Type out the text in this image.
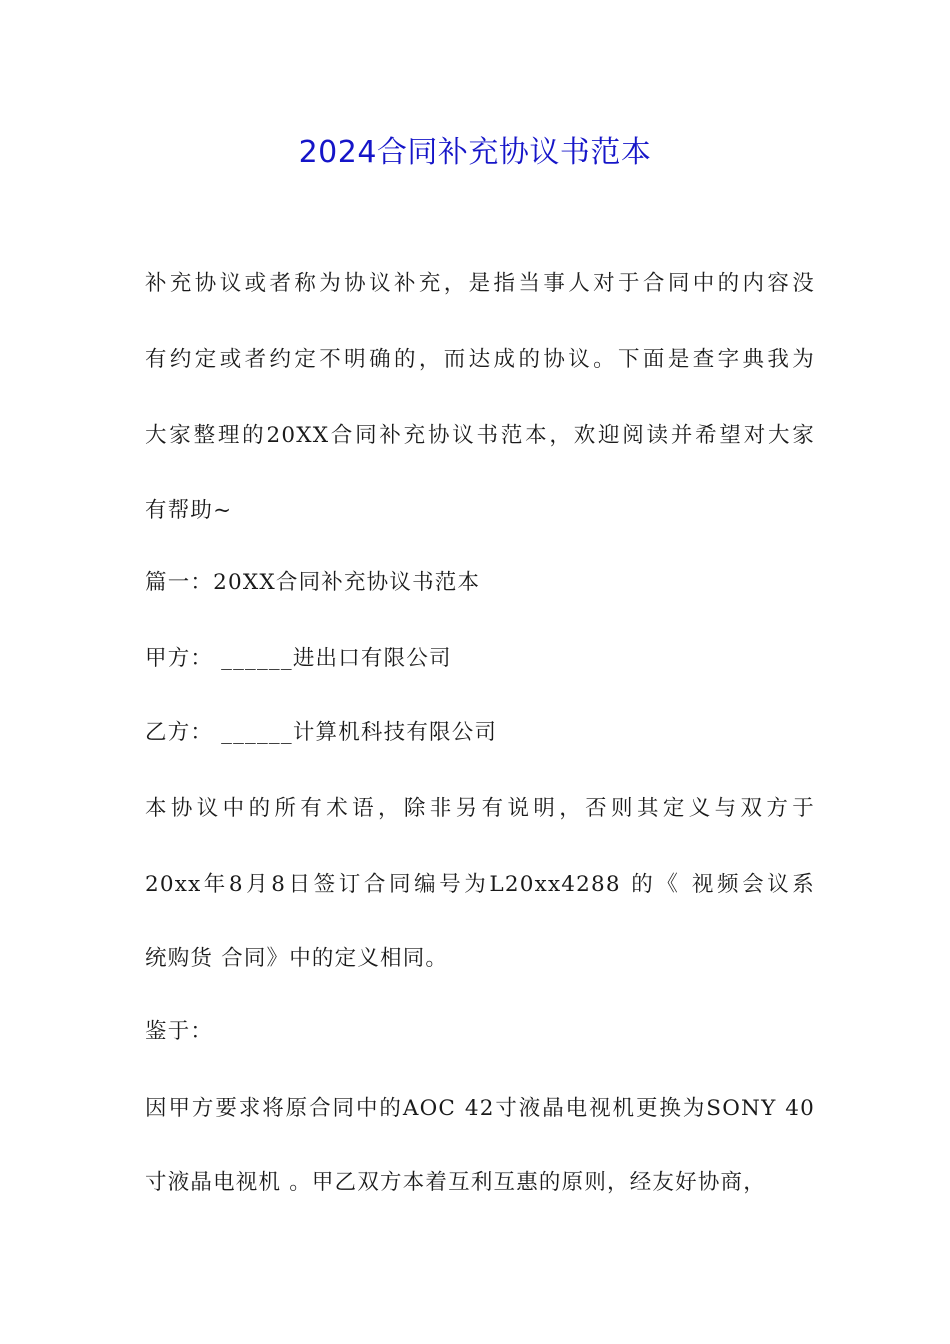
2024合同补充协议书范本
补充协议或者称为协议补充，是指当事人对于合同中的内容没
有约定或者约定不明确的，而达成的协议。下面是查字典我为
大家整理的20XX合同补充协议书范本，欢迎阅读并希望对大家
有帮助~
篇一：20XX合同补充协议书范本
甲方： ______进出口有限公司
乙方： ______计算机科技有限公司
本协议中的所有术语，除非另有说明，否则其定义与双方于
20xx年8月8日签订合同编号为L20xx4288 的《 视频会议系
统购货 合同》中的定义相同。
鉴于：
因甲方要求将原合同中的AOC 42寸液晶电视机更换为SONY 40
寸液晶电视机 。甲乙双方本着互利互惠的原则，经友好协商，
